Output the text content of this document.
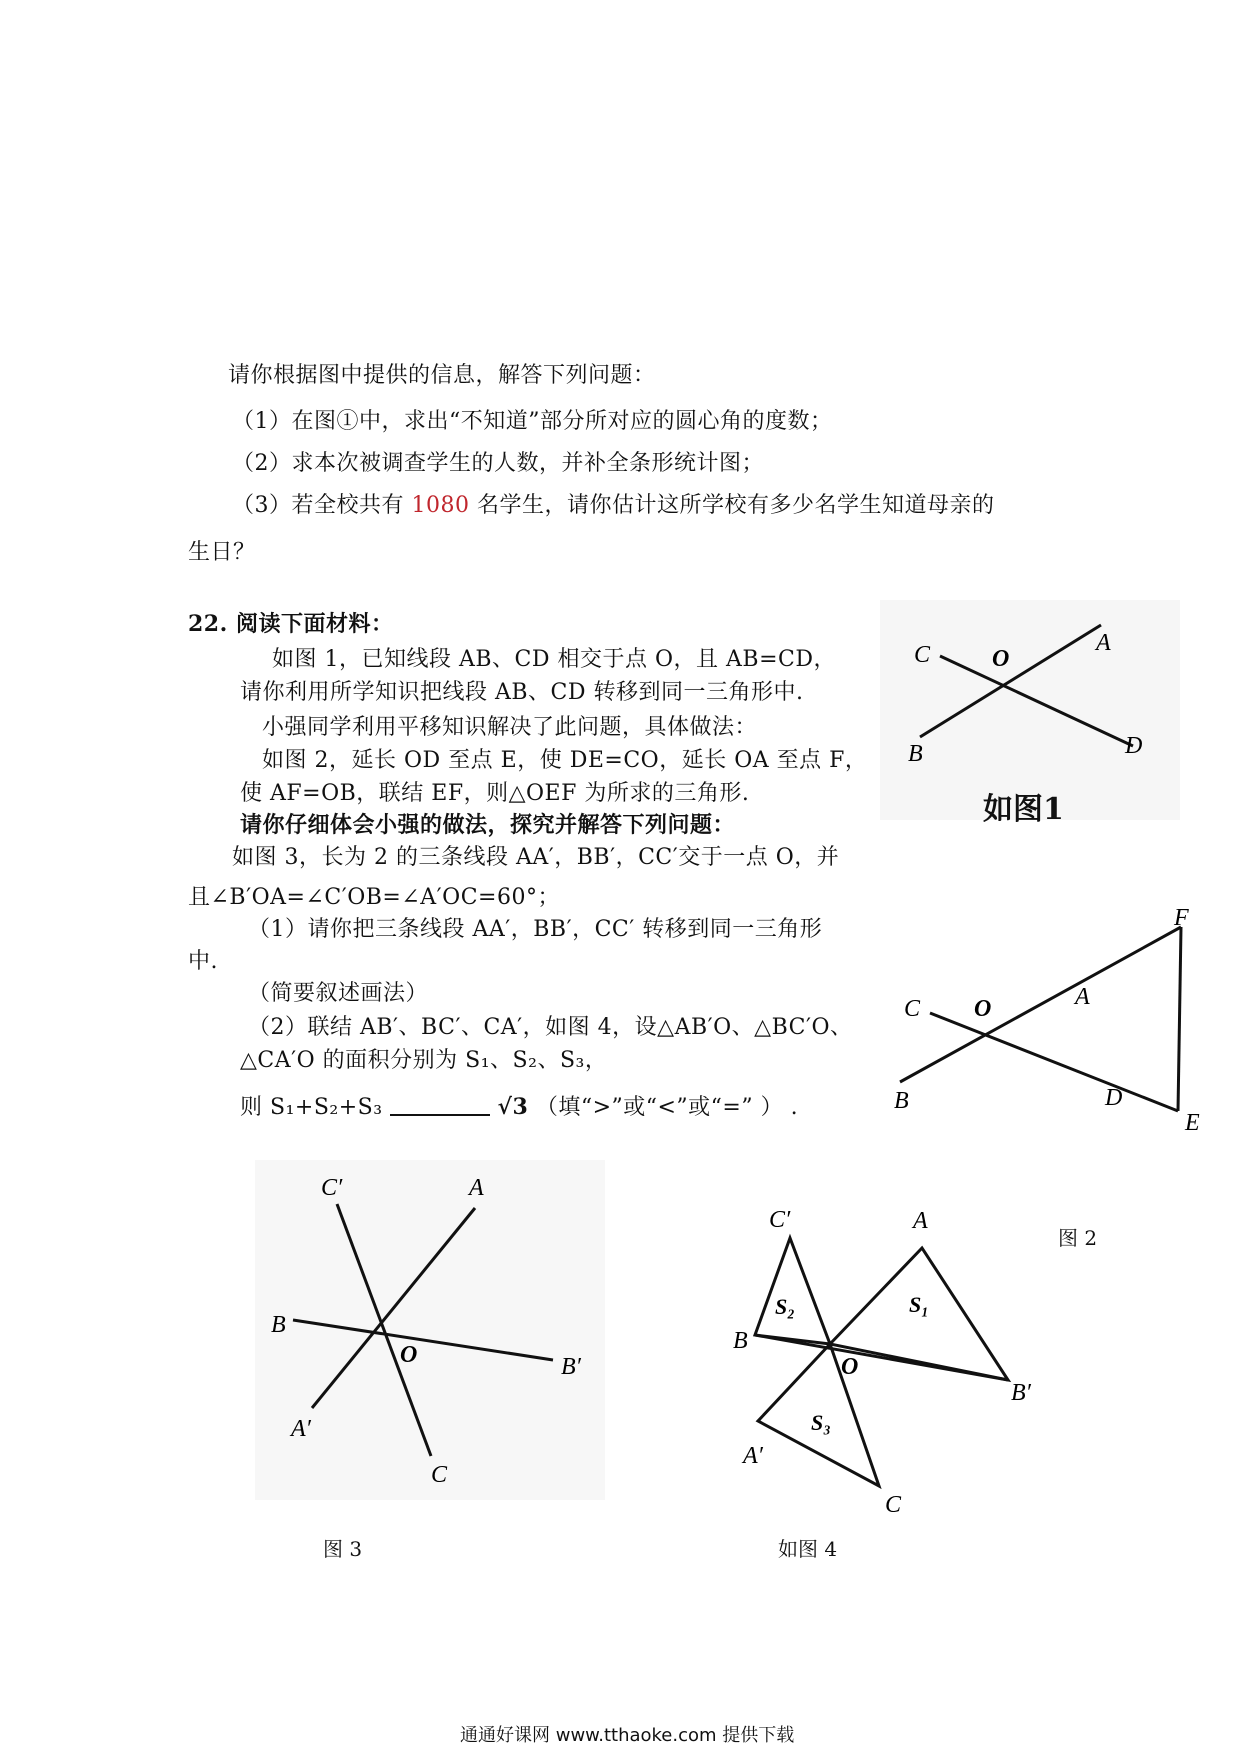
请你根据图中提供的信息，解答下列问题：
（1）在图①中，求出“不知道”部分所对应的圆心角的度数；
（2）求本次被调查学生的人数，并补全条形统计图；
（3）若全校共有 1080 名学生，请你估计这所学校有多少名学生知道母亲的
生日？
22. 阅读下面材料：
如图 1，已知线段 AB、CD 相交于点 O，且 AB=CD，
请你利用所学知识把线段 AB、CD 转移到同一三角形中.
小强同学利用平移知识解决了此问题，具体做法：
如图 2，延长 OD 至点 E，使 DE=CO，延长 OA 至点 F，
使 AF=OB，联结 EF，则△OEF 为所求的三角形.
请你仔细体会小强的做法，探究并解答下列问题：
如图 3，长为 2 的三条线段 AA′，BB′，CC′交于一点 O，并
且∠B′OA=∠C′OB=∠A′OC=60°；
（1）请你把三条线段 AA′，BB′，CC′ 转移到同一三角形
中.
（简要叙述画法）
（2）联结 AB′、BC′、CA′，如图 4，设△AB′O、△BC′O、
△CA′O 的面积分别为 S₁、S₂、S₃，
则 S₁+S₂+S₃	√3 （填“>”或“<”或“=” ） .
C	O
A
B	D
如图1
F
C O	A
B	D
E
图 2
C′	A
B
O	B′
A′
C
图 3
C′	A
S₂	S₁
B
O
B′
S₃
A′
C
如图 4
通通好课网 www.tthaoke.com 提供下载
